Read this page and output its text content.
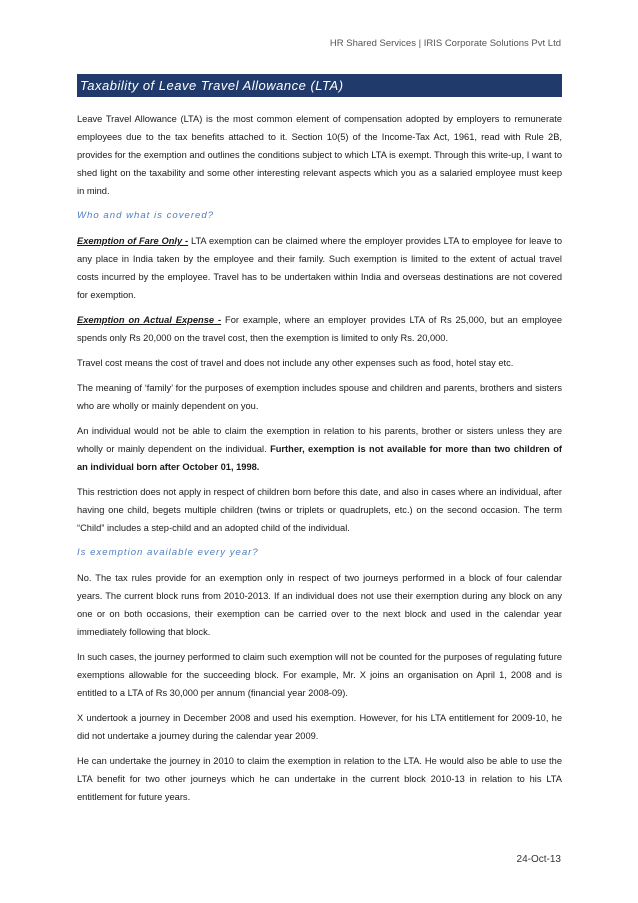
HR Shared Services | IRIS Corporate Solutions Pvt Ltd
Taxability of Leave Travel Allowance (LTA)

Leave Travel Allowance (LTA) is the most common element of compensation adopted by employers to remunerate employees due to the tax benefits attached to it. Section 10(5) of the Income-Tax Act, 1961, read with Rule 2B, provides for the exemption and outlines the conditions subject to which LTA is exempt. Through this write-up, I want to shed light on the taxability and some other interesting relevant aspects which you as a salaried employee must keep in mind.

Who and what is covered?

Exemption of Fare Only - LTA exemption can be claimed where the employer provides LTA to employee for leave to any place in India taken by the employee and their family. Such exemption is limited to the extent of actual travel costs incurred by the employee. Travel has to be undertaken within India and overseas destinations are not covered for exemption.

Exemption on Actual Expense - For example, where an employer provides LTA of Rs 25,000, but an employee spends only Rs 20,000 on the travel cost, then the exemption is limited to only Rs. 20,000.

Travel cost means the cost of travel and does not include any other expenses such as food, hotel stay etc.

The meaning of ‘family’ for the purposes of exemption includes spouse and children and parents, brothers and sisters who are wholly or mainly dependent on you.

An individual would not be able to claim the exemption in relation to his parents, brother or sisters unless they are wholly or mainly dependent on the individual. Further, exemption is not available for more than two children of an individual born after October 01, 1998.

This restriction does not apply in respect of children born before this date, and also in cases where an individual, after having one child, begets multiple children (twins or triplets or quadruplets, etc.) on the second occasion. The term “Child” includes a step-child and an adopted child of the individual.

Is exemption available every year?

No. The tax rules provide for an exemption only in respect of two journeys performed in a block of four calendar years. The current block runs from 2010-2013. If an individual does not use their exemption during any block on any one or on both occasions, their exemption can be carried over to the next block and used in the calendar year immediately following that block.

In such cases, the journey performed to claim such exemption will not be counted for the purposes of regulating future exemptions allowable for the succeeding block. For example, Mr. X joins an organisation on April 1, 2008 and is entitled to a LTA of Rs 30,000 per annum (financial year 2008-09).

X undertook a journey in December 2008 and used his exemption. However, for his LTA entitlement for 2009-10, he did not undertake a journey during the calendar year 2009.

He can undertake the journey in 2010 to claim the exemption in relation to the LTA. He would also be able to use the LTA benefit for two other journeys which he can undertake in the current block 2010-13 in relation to his LTA entitlement for future years.

24-Oct-13
